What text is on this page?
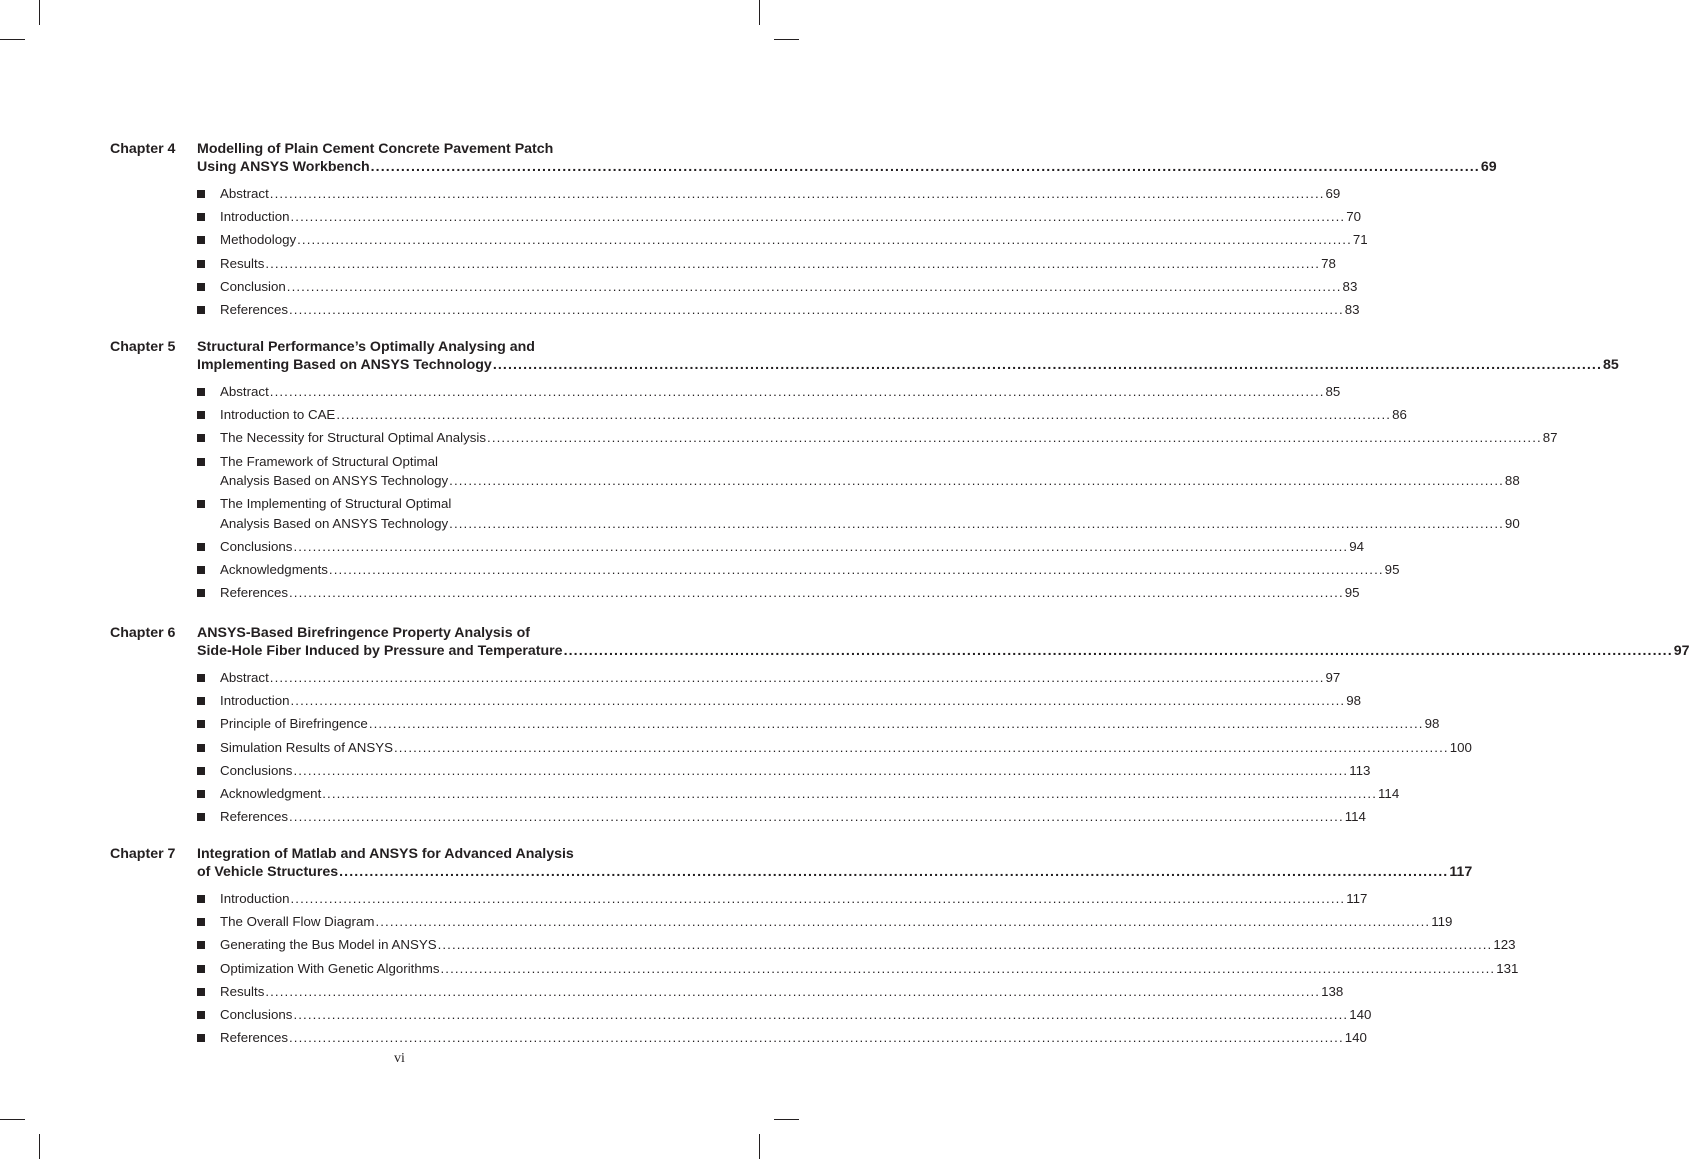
Chapter 4 Modelling of Plain Cement Concrete Pavement Patch
Using ANSYS Workbench ............................................................................................................................................................................................................................ 69
Abstract ............................................................................................................................................................................................................................ 69
Introduction ............................................................................................................................................................................................................................ 70
Methodology ............................................................................................................................................................................................................................ 71
Results ............................................................................................................................................................................................................................ 78
Conclusion ............................................................................................................................................................................................................................ 83
References ............................................................................................................................................................................................................................ 83
Chapter 5 Structural Performance’s Optimally Analysing and
Implementing Based on ANSYS Technology ............................................................................................................................................................................................................................ 85
Abstract ............................................................................................................................................................................................................................ 85
Introduction to CAE ............................................................................................................................................................................................................................ 86
The Necessity for Structural Optimal Analysis ............................................................................................................................................................................................................................ 87
The Framework of Structural Optimal
Analysis Based on ANSYS Technology ............................................................................................................................................................................................................................ 88
The Implementing of Structural Optimal
Analysis Based on ANSYS Technology ............................................................................................................................................................................................................................ 90
Conclusions ............................................................................................................................................................................................................................ 94
Acknowledgments ............................................................................................................................................................................................................................ 95
References ............................................................................................................................................................................................................................ 95
Chapter 6 ANSYS-Based Birefringence Property Analysis of
Side-Hole Fiber Induced by Pressure and Temperature ............................................................................................................................................................................................................................ 97
Abstract ............................................................................................................................................................................................................................ 97
Introduction ............................................................................................................................................................................................................................ 98
Principle of Birefringence ............................................................................................................................................................................................................................ 98
Simulation Results of ANSYS ............................................................................................................................................................................................................................ 100
Conclusions ............................................................................................................................................................................................................................ 113
Acknowledgment ............................................................................................................................................................................................................................ 114
References ............................................................................................................................................................................................................................ 114
Chapter 7 Integration of Matlab and ANSYS for Advanced Analysis
of Vehicle Structures ............................................................................................................................................................................................................................ 117
Introduction ............................................................................................................................................................................................................................ 117
The Overall Flow Diagram ............................................................................................................................................................................................................................ 119
Generating the Bus Model in ANSYS ............................................................................................................................................................................................................................ 123
Optimization With Genetic Algorithms ............................................................................................................................................................................................................................ 131
Results ............................................................................................................................................................................................................................ 138
Conclusions ............................................................................................................................................................................................................................ 140
References ............................................................................................................................................................................................................................ 140
vi
